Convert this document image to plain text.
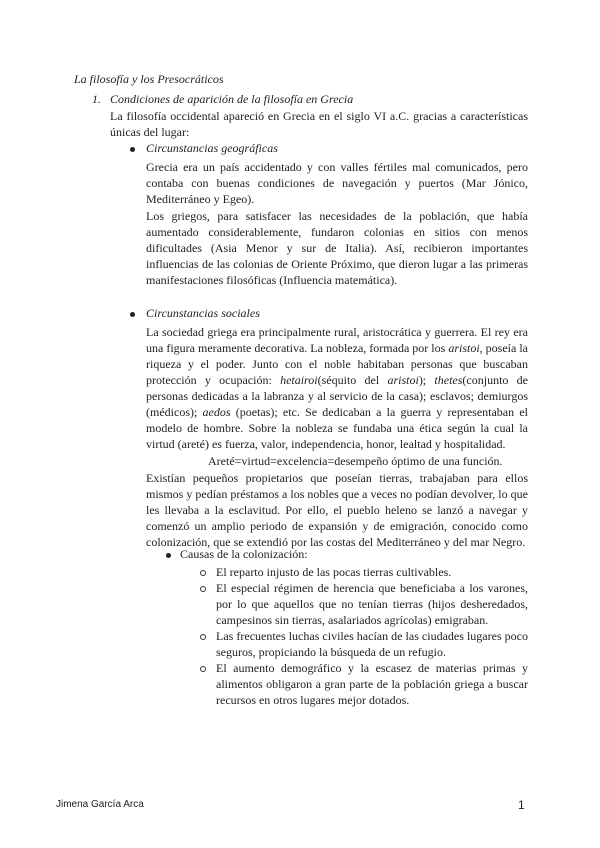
La filosofía y los Presocráticos
1. Condiciones de aparición de la filosofía en Grecia
La filosofía occidental apareció en Grecia en el siglo VI a.C. gracias a características únicas del lugar:
Circunstancias geográficas
Grecia era un país accidentado y con valles fértiles mal comunicados, pero contaba con buenas condiciones de navegación y puertos (Mar Jónico, Mediterráneo y Egeo).
Los griegos, para satisfacer las necesidades de la población, que había aumentado considerablemente, fundaron colonias en sitios con menos dificultades (Asia Menor y sur de Italia). Así, recibieron importantes influencias de las colonias de Oriente Próximo, que dieron lugar a las primeras manifestaciones filosóficas (Influencia matemática).
Circunstancias sociales
La sociedad griega era principalmente rural, aristocrática y guerrera. El rey era una figura meramente decorativa. La nobleza, formada por los aristoi, poseía la riqueza y el poder. Junto con el noble habitaban personas que buscaban protección y ocupación: hetairoi(séquito del aristoi); thetes(conjunto de personas dedicadas a la labranza y al servicio de la casa); esclavos; demiurgos (médicos); aedos (poetas); etc. Se dedicaban a la guerra y representaban el modelo de hombre. Sobre la nobleza se fundaba una ética según la cual la virtud (areté) es fuerza, valor, independencia, honor, lealtad y hospitalidad.
Areté=virtud=excelencia=desempeño óptimo de una función.
Existían pequeños propietarios que poseían tierras, trabajaban para ellos mismos y pedían préstamos a los nobles que a veces no podían devolver, lo que les llevaba a la esclavitud. Por ello, el pueblo heleno se lanzó a navegar y comenzó un amplio periodo de expansión y de emigración, conocido como colonización, que se extendió por las costas del Mediterráneo y del mar Negro.
Causas de la colonización:
El reparto injusto de las pocas tierras cultivables.
El especial régimen de herencia que beneficiaba a los varones, por lo que aquellos que no tenían tierras (hijos desheredados, campesinos sin tierras, asalariados agrícolas) emigraban.
Las frecuentes luchas civiles hacían de las ciudades lugares poco seguros, propiciando la búsqueda de un refugio.
El aumento demográfico y la escasez de materias primas y alimentos obligaron a gran parte de la población griega a buscar recursos en otros lugares mejor dotados.
Jimena García Arca	1
